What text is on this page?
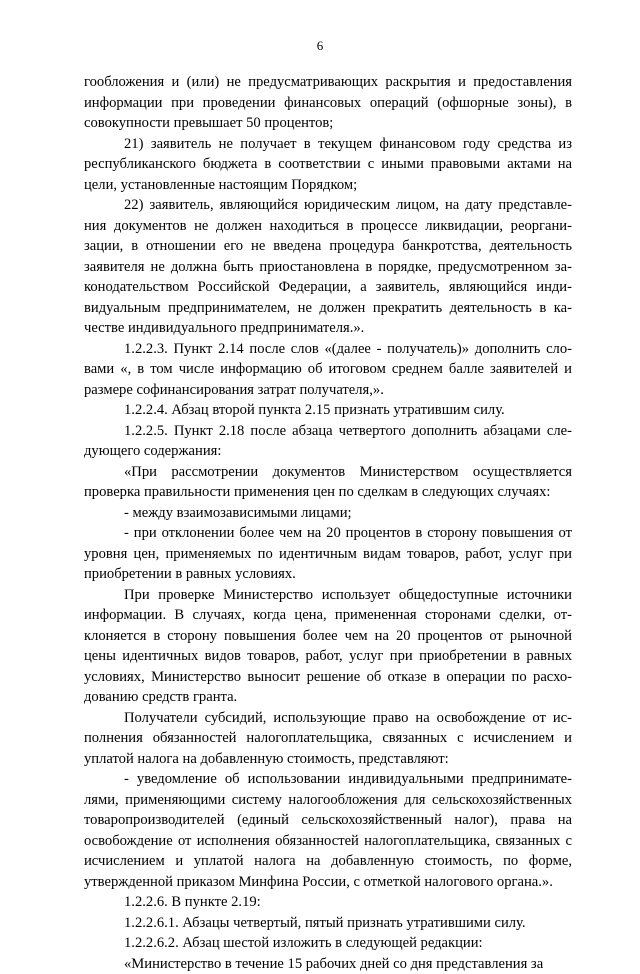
6

гообложения и (или) не предусматривающих раскрытия и предоставления информации при проведении финансовых операций (офшорные зоны), в совокупности превышает 50 процентов;

21) заявитель не получает в текущем финансовом году средства из республиканского бюджета в соответствии с иными правовыми актами на цели, установленные настоящим Порядком;

22) заявитель, являющийся юридическим лицом, на дату представления документов не должен находиться в процессе ликвидации, реорганизации, в отношении его не введена процедура банкротства, деятельность заявителя не должна быть приостановлена в порядке, предусмотренном законодательством Российской Федерации, а заявитель, являющийся индивидуальным предпринимателем, не должен прекратить деятельность в качестве индивидуального предпринимателя.».

1.2.2.3. Пункт 2.14 после слов «(далее - получатель)» дополнить словами «, в том числе информацию об итоговом среднем балле заявителей и размере софинансирования затрат получателя,».

1.2.2.4. Абзац второй пункта 2.15 признать утратившим силу.

1.2.2.5. Пункт 2.18 после абзаца четвертого дополнить абзацами следующего содержания:

«При рассмотрении документов Министерством осуществляется проверка правильности применения цен по сделкам в следующих случаях:

- между взаимозависимыми лицами;

- при отклонении более чем на 20 процентов в сторону повышения от уровня цен, применяемых по идентичным видам товаров, работ, услуг при приобретении в равных условиях.

При проверке Министерство использует общедоступные источники информации. В случаях, когда цена, примененная сторонами сделки, отклоняется в сторону повышения более чем на 20 процентов от рыночной цены идентичных видов товаров, работ, услуг при приобретении в равных условиях, Министерство выносит решение об отказе в операции по расходованию средств гранта.

Получатели субсидий, использующие право на освобождение от исполнения обязанностей налогоплательщика, связанных с исчислением и уплатой налога на добавленную стоимость, представляют:

- уведомление об использовании индивидуальными предпринимателями, применяющими систему налогообложения для сельскохозяйственных товаропроизводителей (единый сельскохозяйственный налог), права на освобождение от исполнения обязанностей налогоплательщика, связанных с исчислением и уплатой налога на добавленную стоимость, по форме, утвержденной приказом Минфина России, с отметкой налогового органа.».

1.2.2.6. В пункте 2.19:

1.2.2.6.1. Абзацы четвертый, пятый признать утратившими силу.

1.2.2.6.2. Абзац шестой изложить в следующей редакции:

«Министерство в течение 15 рабочих дней со дня представления за
